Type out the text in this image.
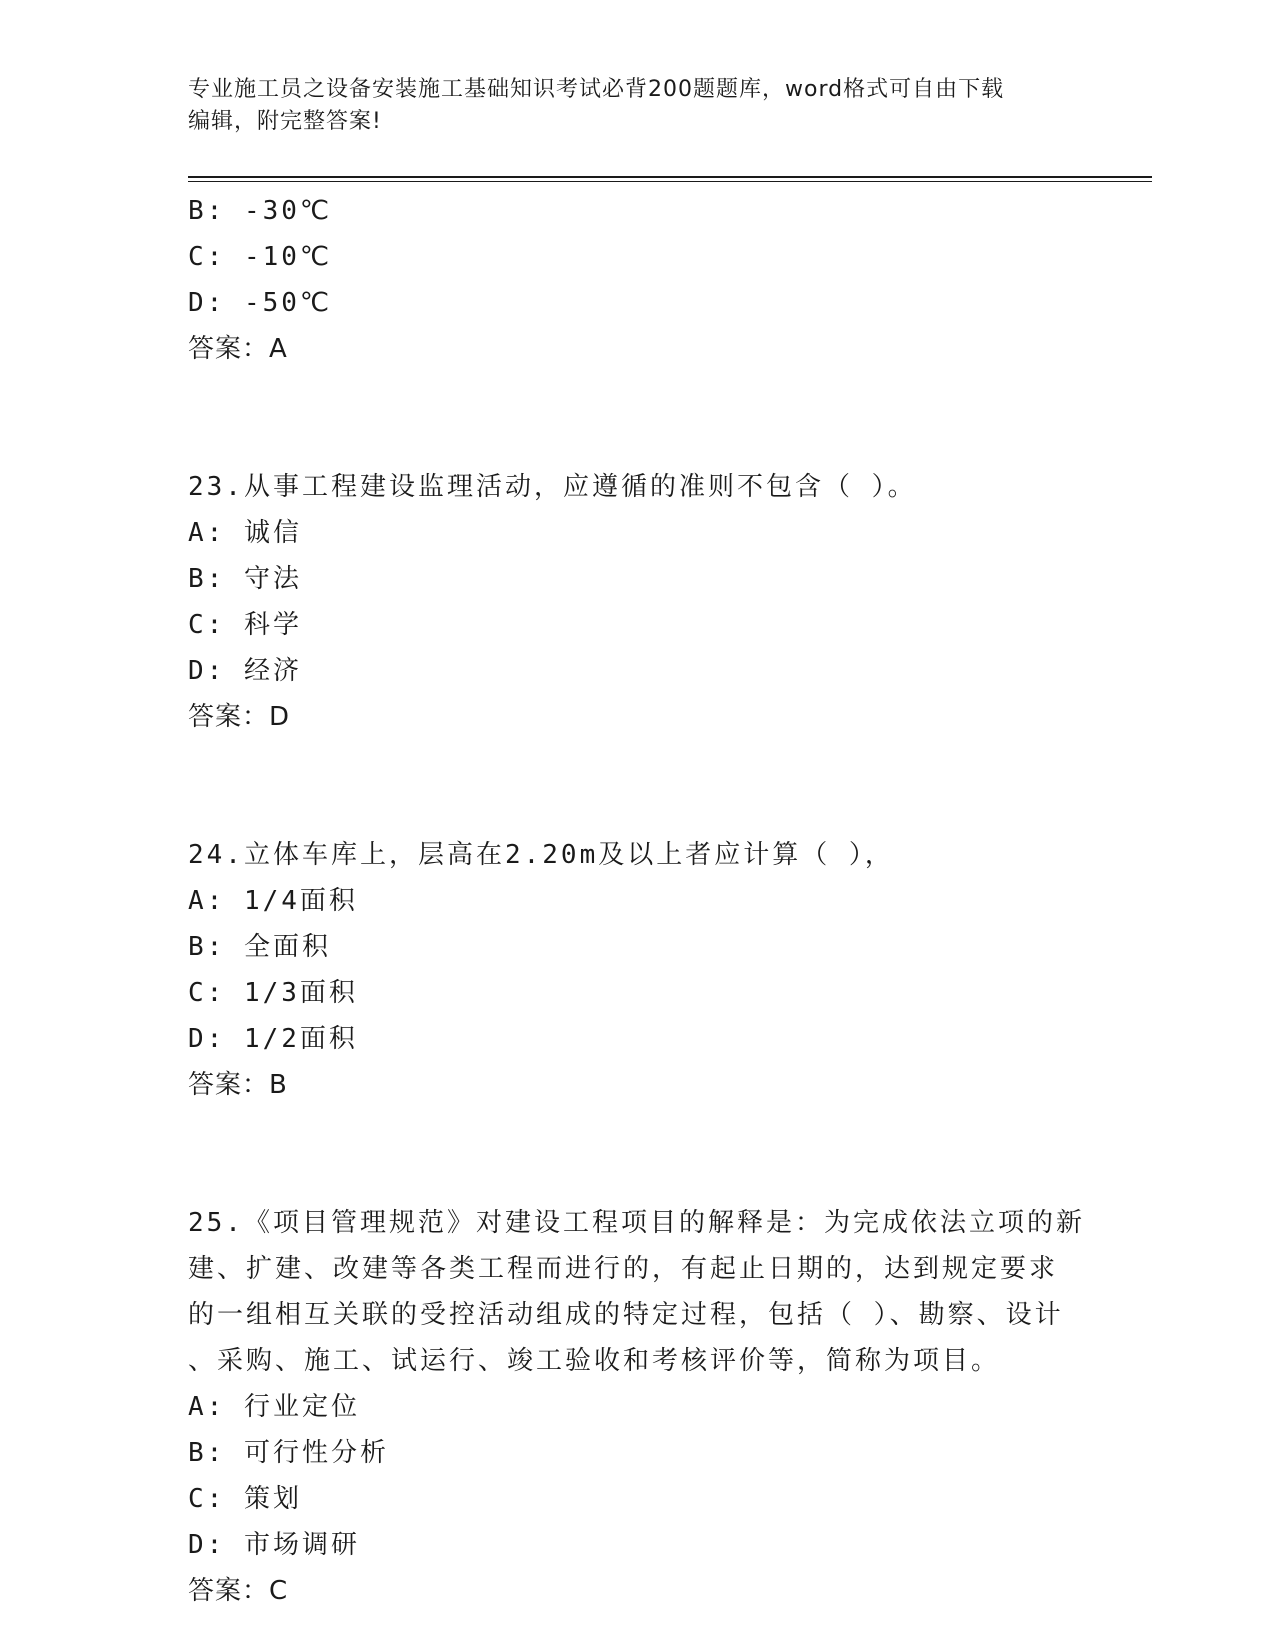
专业施工员之设备安装施工基础知识考试必背200题题库，word格式可自由下载
编辑，附完整答案!
B: -30℃
C: -10℃
D: -50℃
答案：A
23.从事工程建设监理活动，应遵循的准则不包含（ ）。
A: 诚信
B: 守法
C: 科学
D: 经济
答案：D
24.立体车库上，层高在2.20m及以上者应计算（ ），
A: 1/4面积
B: 全面积
C: 1/3面积
D: 1/2面积
答案：B
25.《项目管理规范》对建设工程项目的解释是：为完成依法立项的新
建、扩建、改建等各类工程而进行的，有起止日期的，达到规定要求
的一组相互关联的受控活动组成的特定过程，包括（ ）、勘察、设计
、采购、施工、试运行、竣工验收和考核评价等，简称为项目。
A: 行业定位
B: 可行性分析
C: 策划
D: 市场调研
答案：C
